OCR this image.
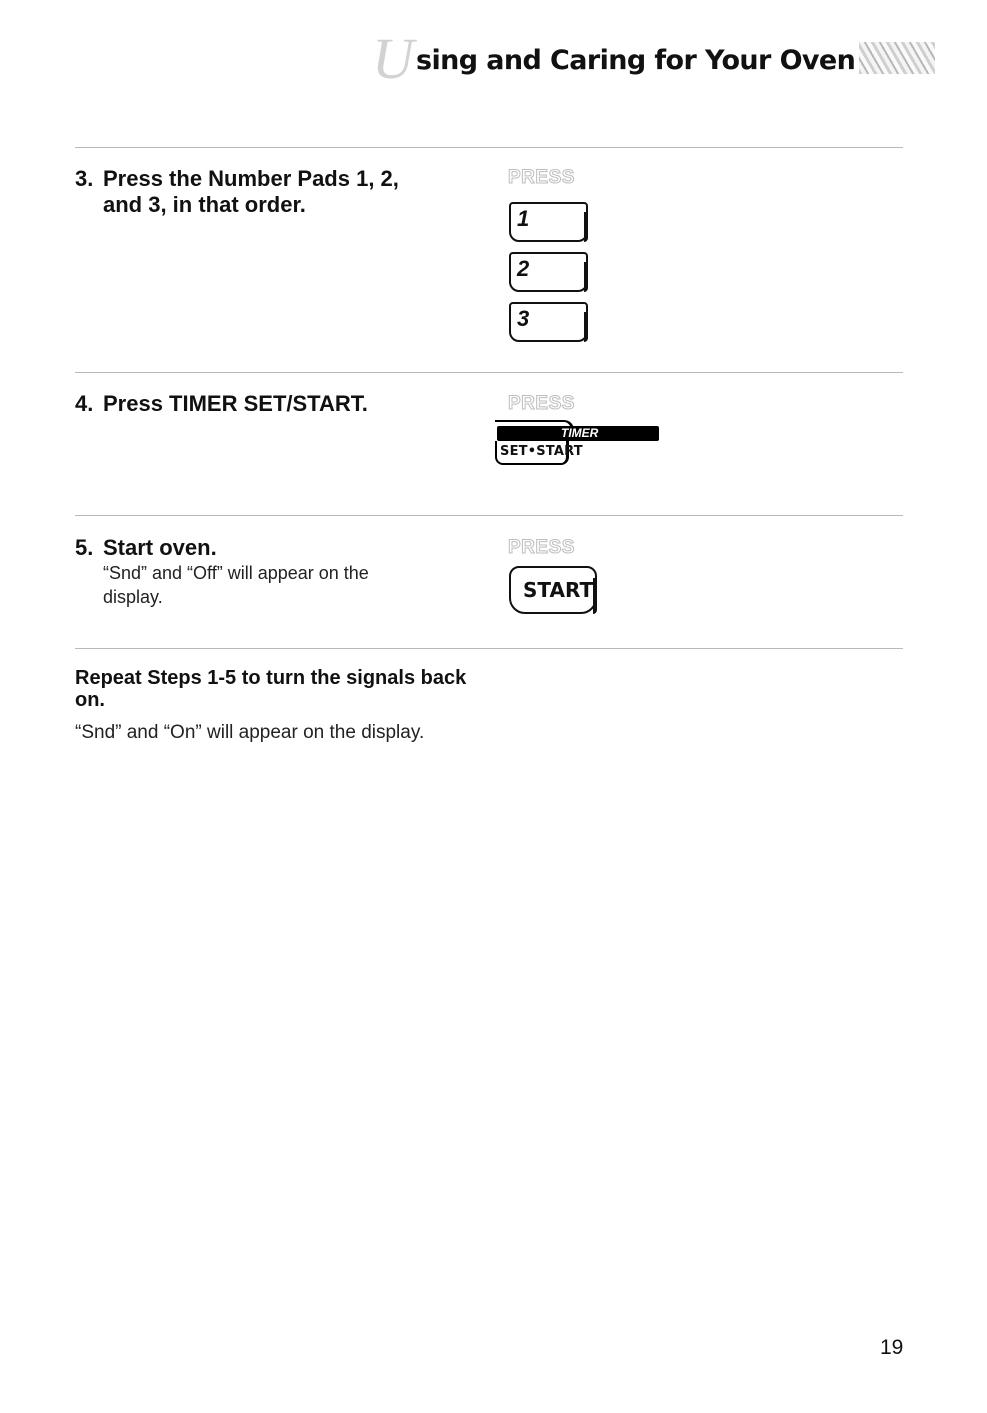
U sing and Caring for Your Oven
3. Press the Number Pads 1, 2,
and 3, in that order.
PRESS
1
2
3
4. Press TIMER SET/START.	PRESS
TIMER
SET•START
5. Start oven.
“Snd” and “Off” will appear on the display.
PRESS
START
Repeat Steps 1-5 to turn the signals back on.
“Snd” and “On” will appear on the display.
19
